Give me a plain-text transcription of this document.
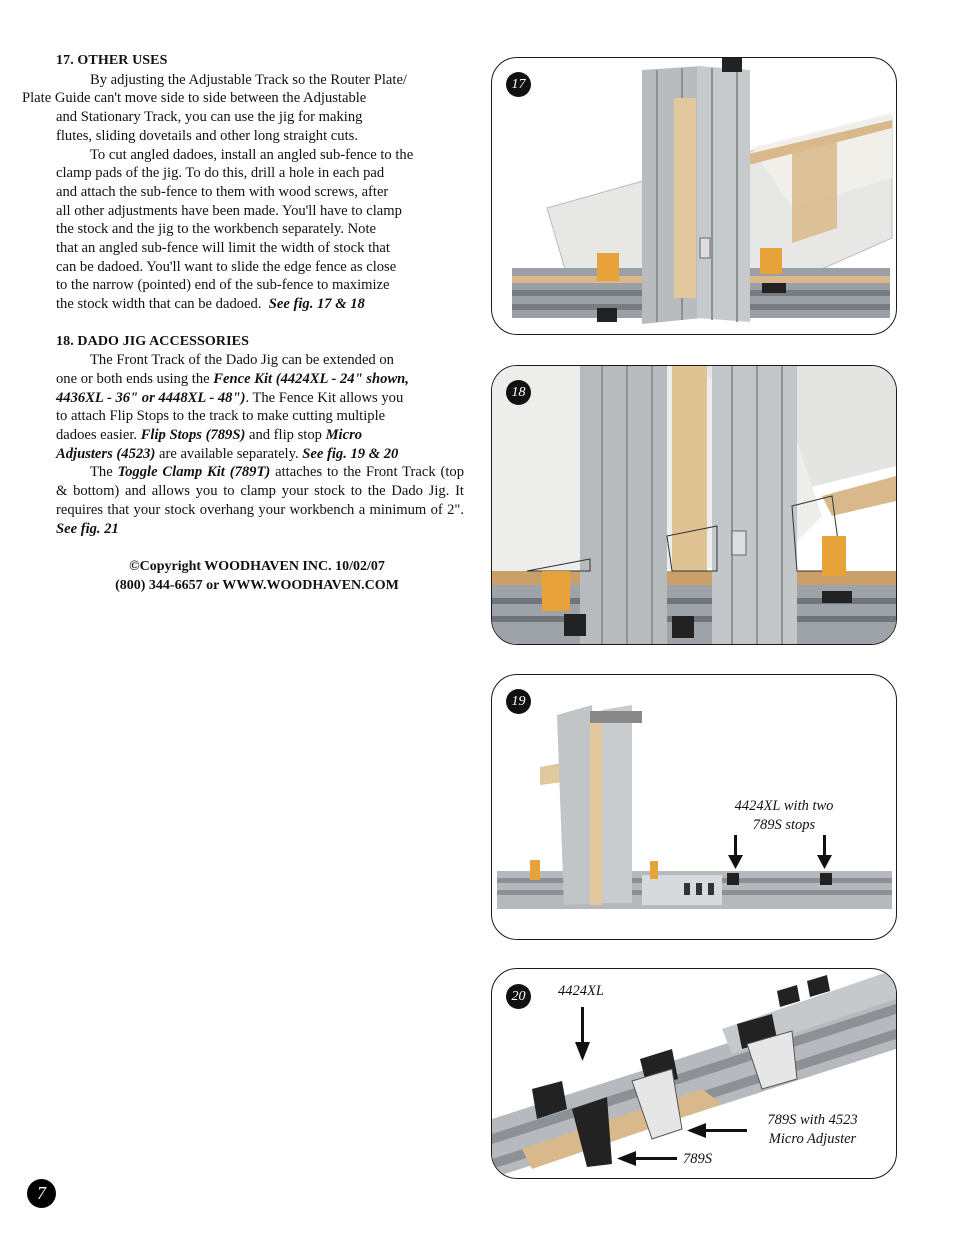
17. OTHER USES

By adjusting the Adjustable Track so the Router Plate/
Plate Guide can't move side to side between the Adjustable
and Stationary Track, you can use the jig for making
flutes, sliding dovetails and other long straight cuts.

To cut angled dadoes, install an angled sub-fence to the
clamp pads of the jig. To do this, drill a hole in each pad
and attach the sub-fence to them with wood screws, after
all other adjustments have been made. You'll have to clamp
the stock and the jig to the workbench separately. Note
that an angled sub-fence will limit the width of stock that
can be dadoed. You'll want to slide the edge fence as close
to the narrow (pointed) end of the sub-fence to maximize
the stock width that can be dadoed. See fig. 17 & 18

18. DADO JIG ACCESSORIES

The Front Track of the Dado Jig can be extended on
one or both ends using the Fence Kit (4424XL - 24" shown,
4436XL - 36" or 4448XL - 48"). The Fence Kit allows you
to attach Flip Stops to the track to make cutting multiple
dadoes easier. Flip Stops (789S) and flip stop Micro
Adjusters (4523) are available separately. See fig. 19 & 20

The Toggle Clamp Kit (789T) attaches to the Front Track (top & bottom) and allows you to clamp your stock to the Dado Jig. It requires that your stock overhang your workbench a minimum of 2". See fig. 21

©Copyright WOODHAVEN INC. 10/02/07
(800) 344-6657 or WWW.WOODHAVEN.COM
17
18
19
4424XL with two
789S stops
20	4424XL
789S with 4523
Micro Adjuster
789S
7
